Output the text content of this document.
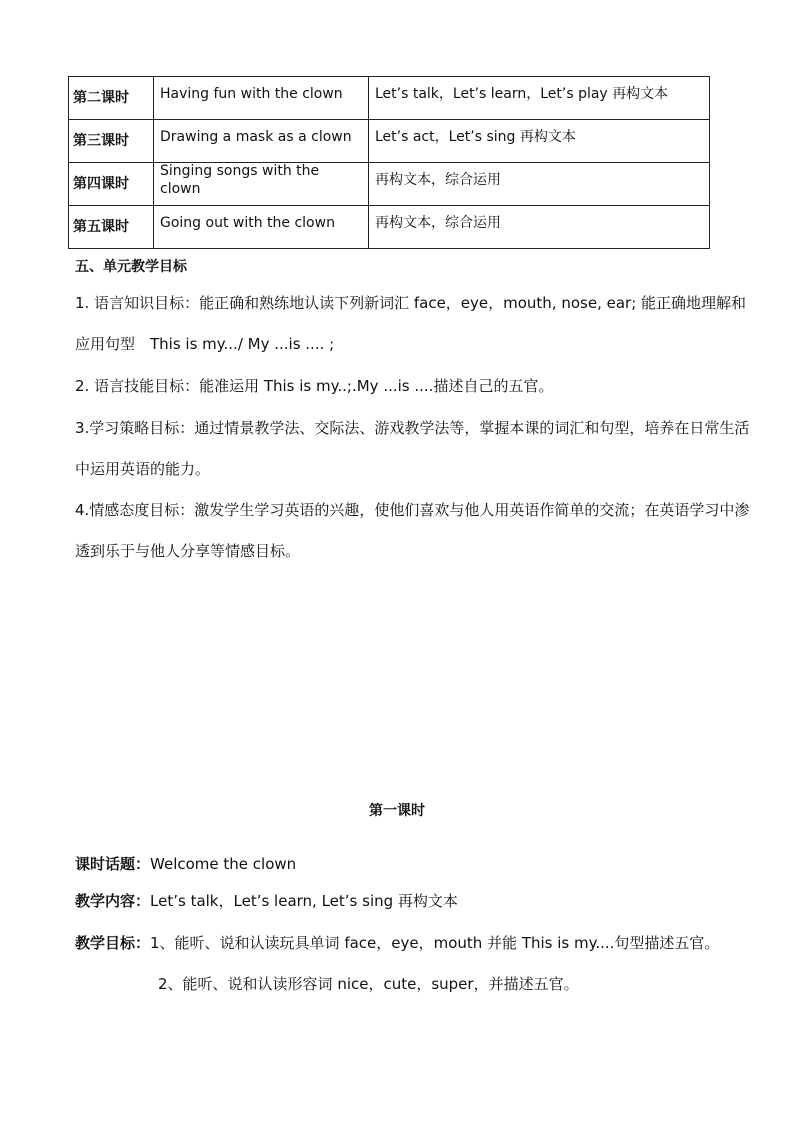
第二课时	Having fun with the clown	Let’s talk，Let’s learn，Let’s play 再构文本
第三课时	Drawing a mask as a clown	Let’s act，Let’s sing 再构文本
第四课时	Singing songs with the clown	再构文本，综合运用
第五课时	Going out with the clown	再构文本，综合运用
五、单元教学目标
1. 语言知识目标：能正确和熟练地认读下列新词汇 face，eye，mouth, nose, ear; 能正确地理解和应用句型　This is my.../ My ...is .... ;
2. 语言技能目标：能准运用 This is my..;.My ...is ....描述自己的五官。
3.学习策略目标：通过情景教学法、交际法、游戏教学法等，掌握本课的词汇和句型，培养在日常生活中运用英语的能力。
4.情感态度目标：激发学生学习英语的兴趣，使他们喜欢与他人用英语作简单的交流；在英语学习中渗透到乐于与他人分享等情感目标。
第一课时
课时话题：Welcome the clown
教学内容：Let’s talk，Let’s learn, Let’s sing 再构文本
教学目标：1、能听、说和认读玩具单词 face，eye，mouth 并能 This is my....句型描述五官。
2、能听、说和认读形容词 nice，cute，super，并描述五官。
